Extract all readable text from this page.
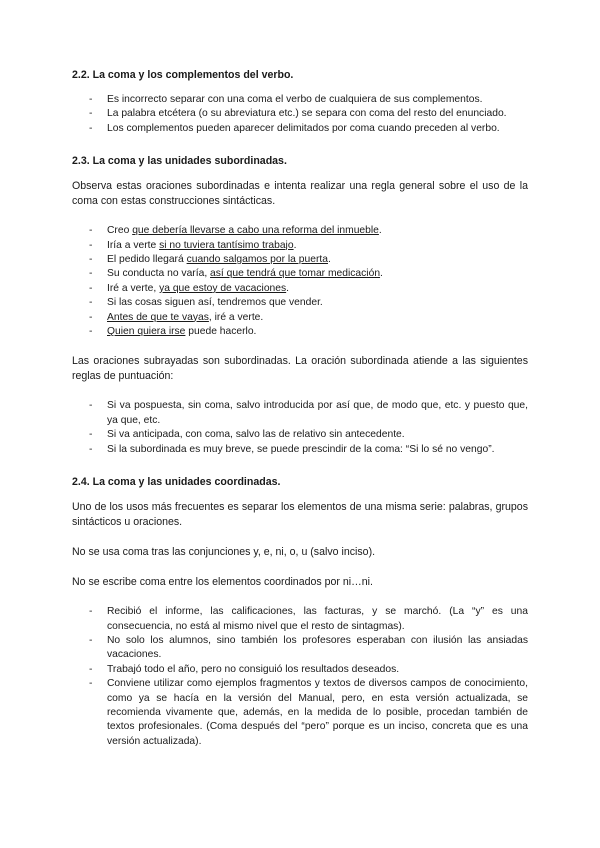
2.2. La coma y los complementos del verbo.
- Es incorrecto separar con una coma el verbo de cualquiera de sus complementos.
- La palabra etcétera (o su abreviatura etc.) se separa con coma del resto del enunciado.
- Los complementos pueden aparecer delimitados por coma cuando preceden al verbo.
2.3. La coma y las unidades subordinadas.

Observa estas oraciones subordinadas e intenta realizar una regla general sobre el uso de la coma con estas construcciones sintácticas.

- Creo que debería llevarse a cabo una reforma del inmueble.
- Iría a verte si no tuviera tantísimo trabajo.
- El pedido llegará cuando salgamos por la puerta.
- Su conducta no varía, así que tendrá que tomar medicación.
- Iré a verte, ya que estoy de vacaciones.
- Si las cosas siguen así, tendremos que vender.
- Antes de que te vayas, iré a verte.
- Quien quiera irse puede hacerlo.

Las oraciones subrayadas son subordinadas. La oración subordinada atiende a las siguientes reglas de puntuación:

- Si va pospuesta, sin coma, salvo introducida por así que, de modo que, etc. y puesto que, ya que, etc.
- Si va anticipada, con coma, salvo las de relativo sin antecedente.
- Si la subordinada es muy breve, se puede prescindir de la coma: “Si lo sé no vengo”.
2.4. La coma y las unidades coordinadas.

Uno de los usos más frecuentes es separar los elementos de una misma serie: palabras, grupos sintácticos u oraciones.

No se usa coma tras las conjunciones y, e, ni, o, u (salvo inciso).

No se escribe coma entre los elementos coordinados por ni…ni.

- Recibió el informe, las calificaciones, las facturas, y se marchó. (La “y” es una consecuencia, no está al mismo nivel que el resto de sintagmas).
- No solo los alumnos, sino también los profesores esperaban con ilusión las ansiadas vacaciones.
- Trabajó todo el año, pero no consiguió los resultados deseados.
- Conviene utilizar como ejemplos fragmentos y textos de diversos campos de conocimiento, como ya se hacía en la versión del Manual, pero, en esta versión actualizada, se recomienda vivamente que, además, en la medida de lo posible, procedan también de textos profesionales. (Coma después del “pero” porque es un inciso, concreta que es una versión actualizada).
